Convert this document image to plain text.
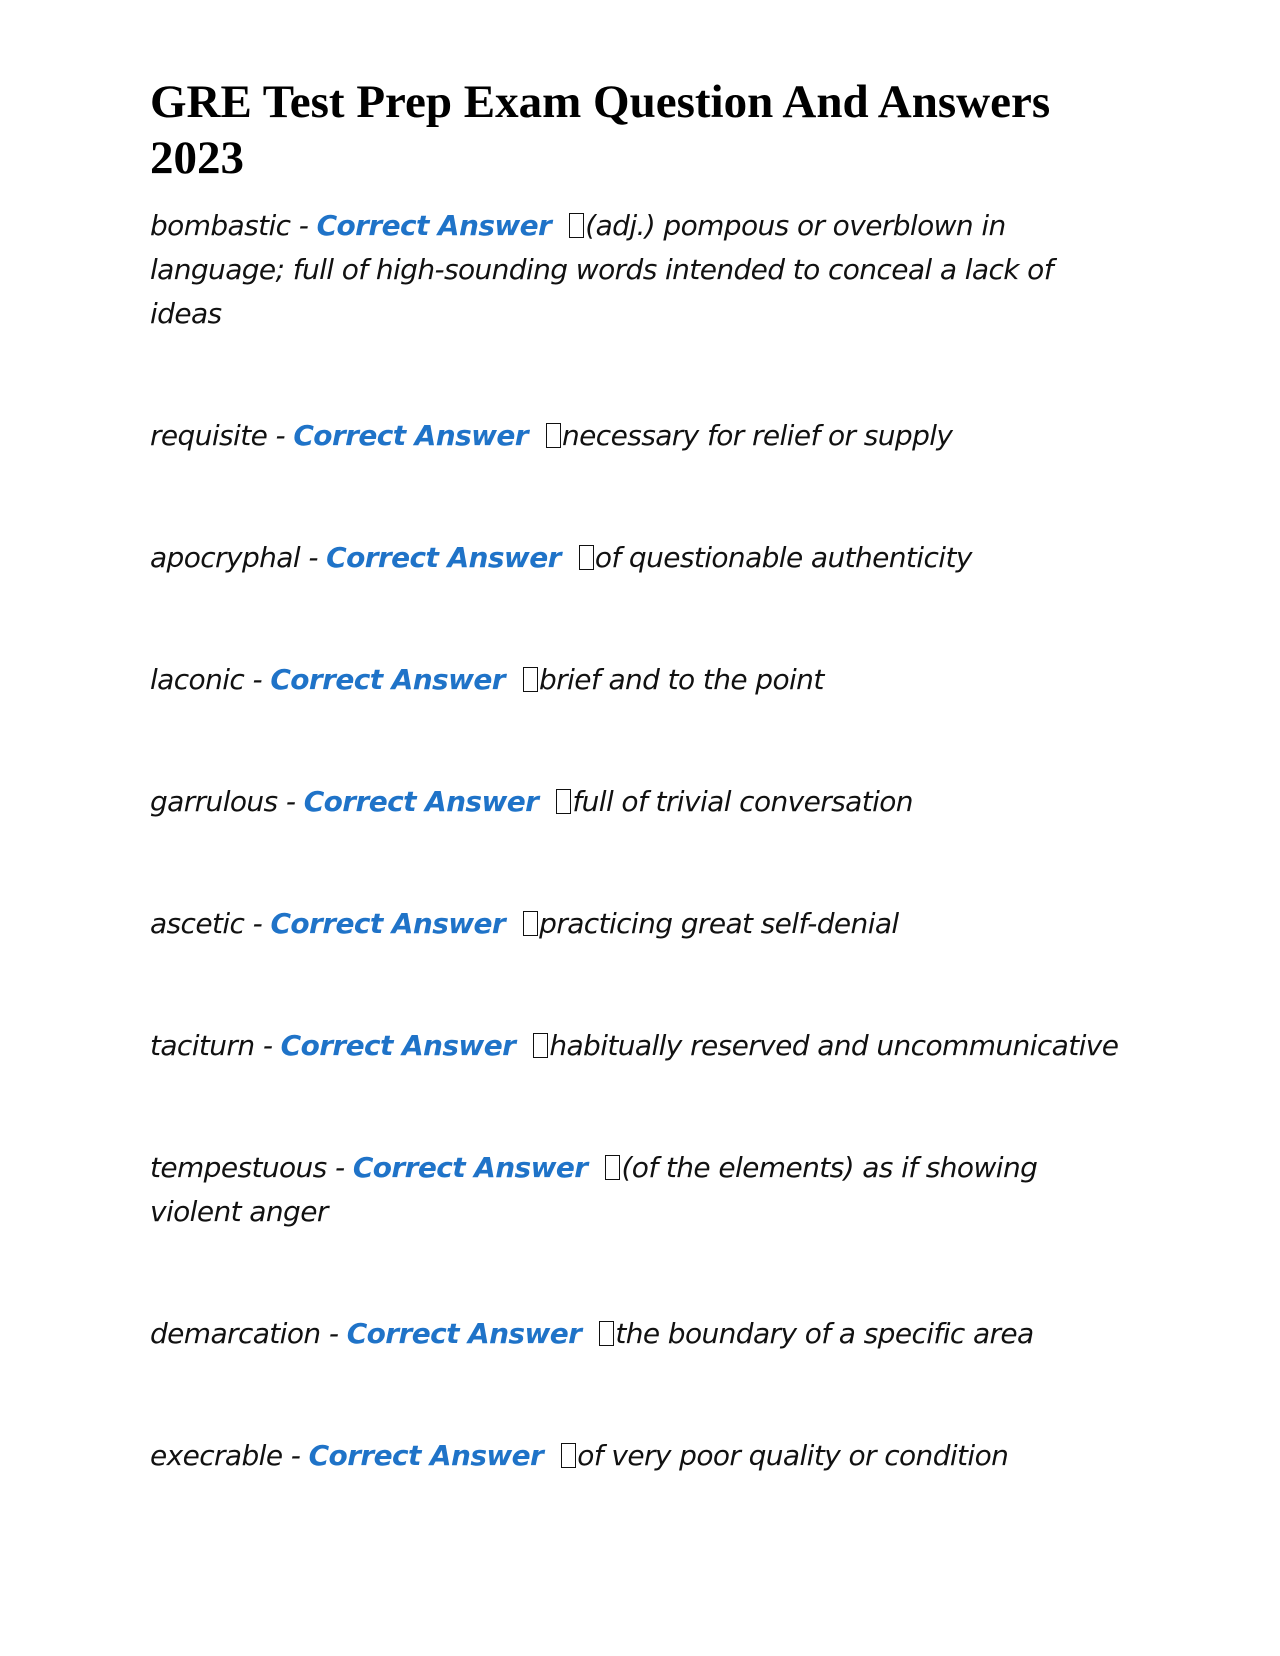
GRE Test Prep Exam Question And Answers 2023
bombastic - Correct Answer (adj.) pompous or overblown in language; full of high-sounding words intended to conceal a lack of ideas
requisite - Correct Answer necessary for relief or supply
apocryphal - Correct Answer of questionable authenticity
laconic - Correct Answer brief and to the point
garrulous - Correct Answer full of trivial conversation
ascetic - Correct Answer practicing great self-denial
taciturn - Correct Answer habitually reserved and uncommunicative
tempestuous - Correct Answer (of the elements) as if showing violent anger
demarcation - Correct Answer the boundary of a specific area
execrable - Correct Answer of very poor quality or condition
